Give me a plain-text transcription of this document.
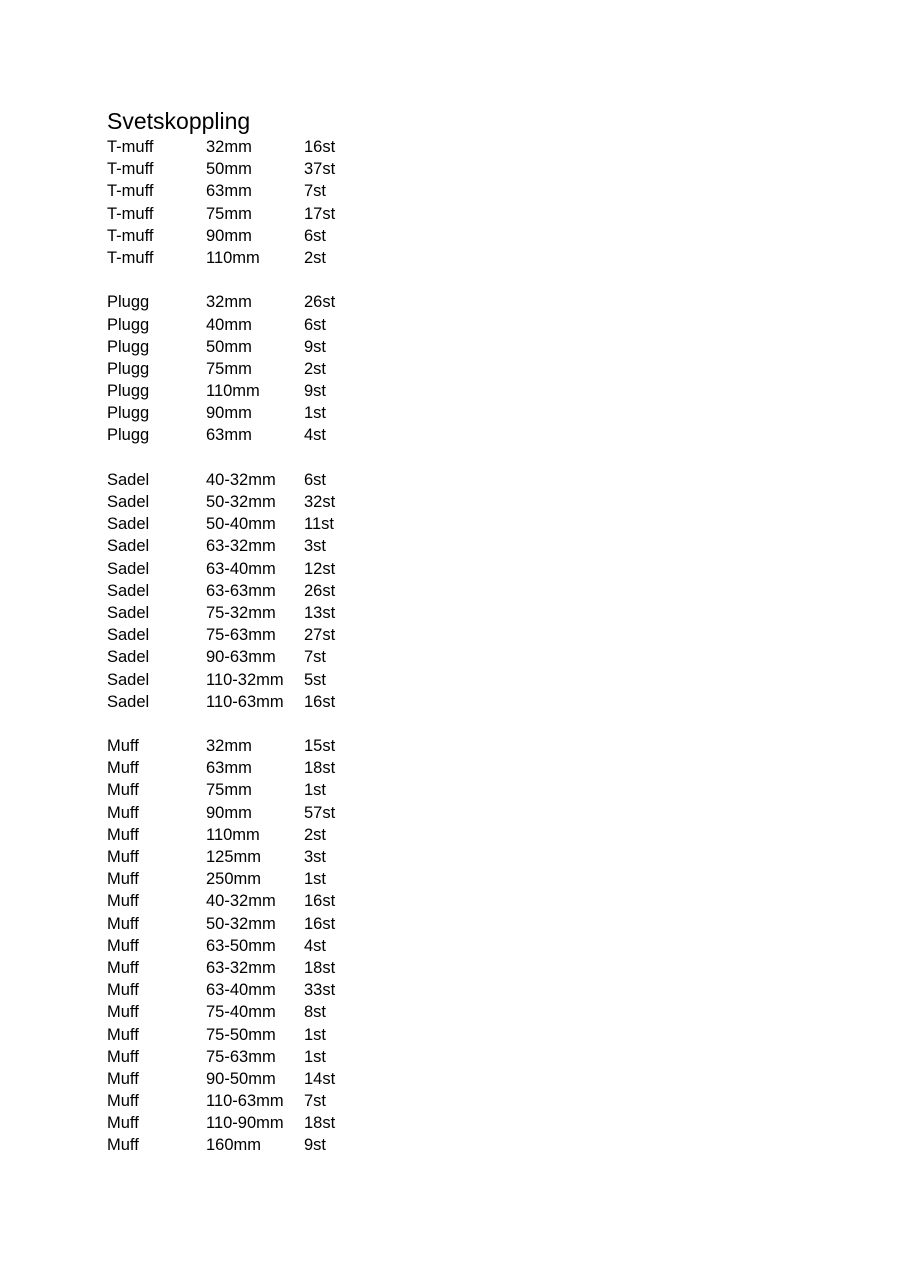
Svetskoppling
T-muff	32mm	16st
T-muff	50mm	37st
T-muff	63mm	7st
T-muff	75mm	17st
T-muff	90mm	6st
T-muff	110mm	2st
Plugg	32mm	26st
Plugg	40mm	6st
Plugg	50mm	9st
Plugg	75mm	2st
Plugg	110mm	9st
Plugg	90mm	1st
Plugg	63mm	4st
Sadel	40-32mm	6st
Sadel	50-32mm	32st
Sadel	50-40mm	11st
Sadel	63-32mm	3st
Sadel	63-40mm	12st
Sadel	63-63mm	26st
Sadel	75-32mm	13st
Sadel	75-63mm	27st
Sadel	90-63mm	7st
Sadel	110-32mm	5st
Sadel	110-63mm	16st
Muff	32mm	15st
Muff	63mm	18st
Muff	75mm	1st
Muff	90mm	57st
Muff	110mm	2st
Muff	125mm	3st
Muff	250mm	1st
Muff	40-32mm	16st
Muff	50-32mm	16st
Muff	63-50mm	4st
Muff	63-32mm	18st
Muff	63-40mm	33st
Muff	75-40mm	8st
Muff	75-50mm	1st
Muff	75-63mm	1st
Muff	90-50mm	14st
Muff	110-63mm	7st
Muff	110-90mm	18st
Muff	160mm	9st
